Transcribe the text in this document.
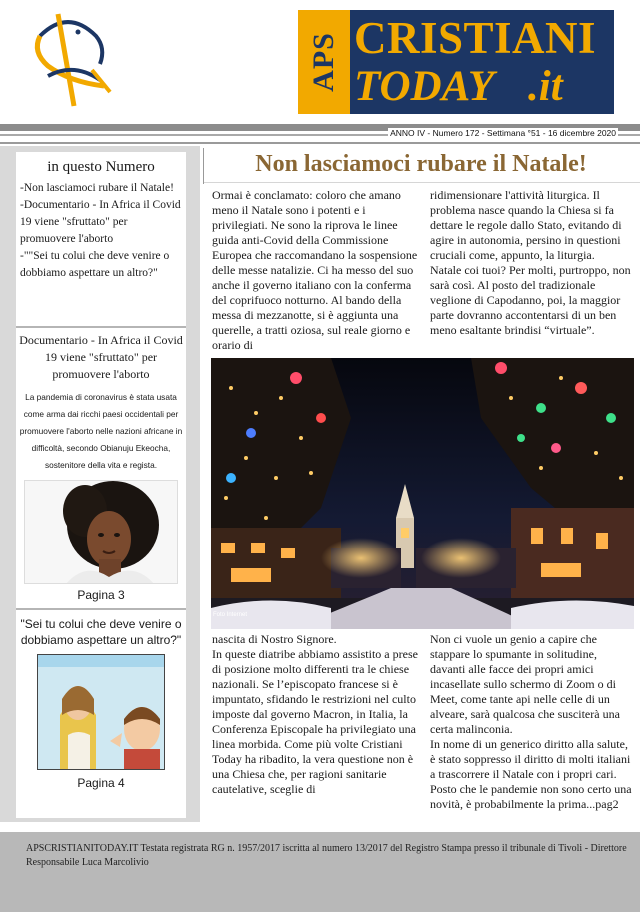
APS CRISTIANI
TODAY .it
ANNO IV - Numero 172 - Settimana °51 - 16 dicembre 2020
in questo Numero
-Non lasciamoci rubare il Natale!
-Documentario - In Africa il Covid 19 viene "sfruttato" per promuovere l'aborto
-""Sei tu colui che deve venire o dobbiamo aspettare un altro?"
Documentario - In Africa il Covid 19 viene "sfruttato" per promuovere l'aborto
La pandemia di coronavirus è stata usata come arma dai ricchi paesi occidentali per promuovere l'aborto nelle nazioni africane in difficoltà, secondo Obianuju Ekeocha, sostenitore della vita e regista.
Pagina 3
"Sei tu colui che deve venire o dobbiamo aspettare un altro?"
Pagina 4
Non lasciamoci rubare il Natale!
Ormai è conclamato: coloro che amano meno il Natale sono i potenti e i privilegiati. Ne sono la riprova le linee guida anti-Covid della Commissione Europea che raccomandano la sospensione delle messe natalizie. Ci ha messo del suo anche il governo italiano con la conferma del coprifuoco notturno. Al bando della messa di mezzanotte, si è aggiunta una querelle, a tratti oziosa, sul reale giorno e orario di
ridimensionare l'attività liturgica. Il problema nasce quando la Chiesa si fa dettare le regole dallo Stato, evitando di agire in autonomia, persino in questioni cruciali come, appunto, la liturgia.
Natale coi tuoi? Per molti, purtroppo, non sarà così. Al posto del tradizionale veglione di Capodanno, poi, la maggior parte dovranno accontentarsi di un ben meno esaltante brindisi “virtuale”.
Foto Internet
nascita di Nostro Signore.
In queste diatribe abbiamo assistito a prese di posizione molto differenti tra le chiese nazionali. Se l’episcopato francese si è impuntato, sfidando le restrizioni nel culto imposte dal governo Macron, in Italia, la Conferenza Episcopale ha privilegiato una linea morbida. Come più volte Cristiani Today ha ribadito, la vera questione non è una Chiesa che, per ragioni sanitarie cautelative, sceglie di
Non ci vuole un genio a capire che stappare lo spumante in solitudine, davanti alle facce dei propri amici incasellate sullo schermo di Zoom o di Meet, come tante api nelle celle di un alveare, sarà qualcosa che susciterà una certa malinconia.
In nome di un generico diritto alla salute, è stato soppresso il diritto di molti italiani a trascorrere il Natale con i propri cari. Posto che le pandemie non sono certo una novità, è probabilmente la prima...pag2
APSCRISTIANITODAY.IT Testata registrata RG n. 1957/2017 iscritta al numero 13/2017 del Registro Stampa presso il tribunale di Tivoli - Direttore Responsabile Luca Marcolivio
